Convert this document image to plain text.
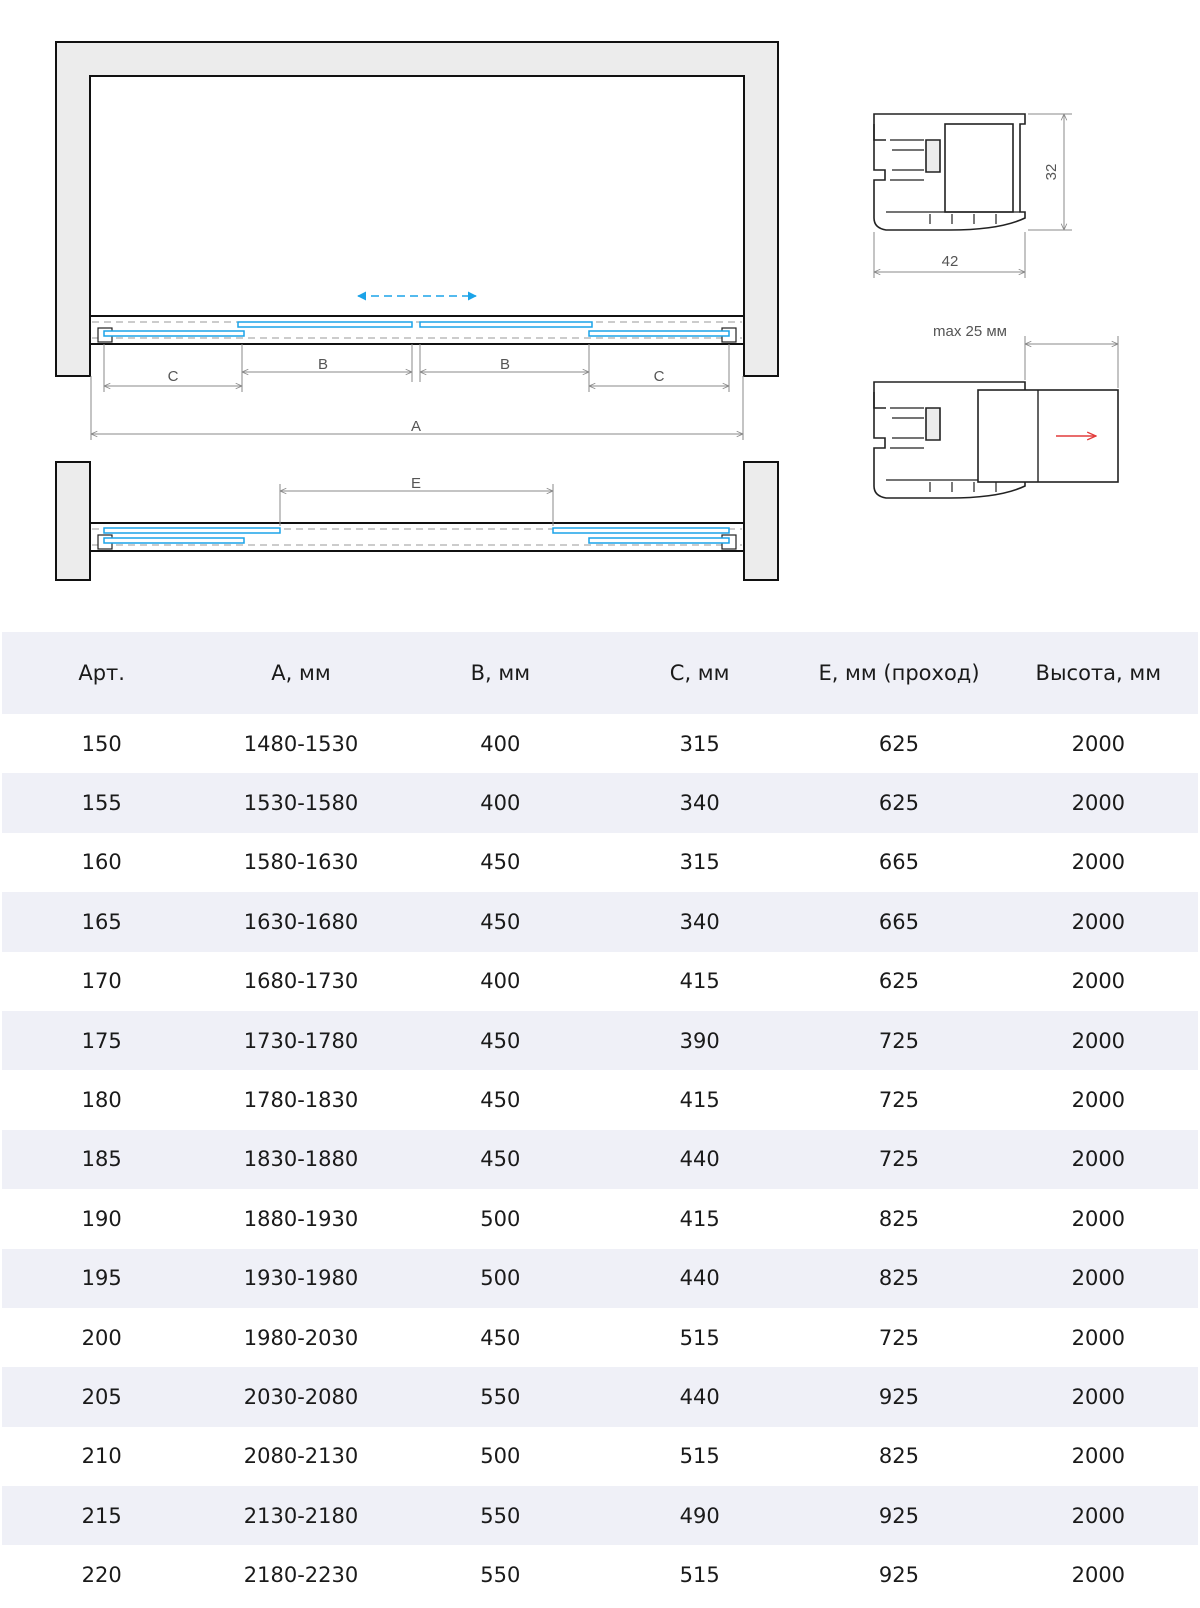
C
B	B
C
A
E
32
42
max 25 мм
Арт.	А, мм	В, мм	С, мм	Е, мм (проход)	Высота, мм
150	1480-1530	400	315	625	2000
155	1530-1580	400	340	625	2000
160	1580-1630	450	315	665	2000
165	1630-1680	450	340	665	2000
170	1680-1730	400	415	625	2000
175	1730-1780	450	390	725	2000
180	1780-1830	450	415	725	2000
185	1830-1880	450	440	725	2000
190	1880-1930	500	415	825	2000
195	1930-1980	500	440	825	2000
200	1980-2030	450	515	725	2000
205	2030-2080	550	440	925	2000
210	2080-2130	500	515	825	2000
215	2130-2180	550	490	925	2000
220	2180-2230	550	515	925	2000
